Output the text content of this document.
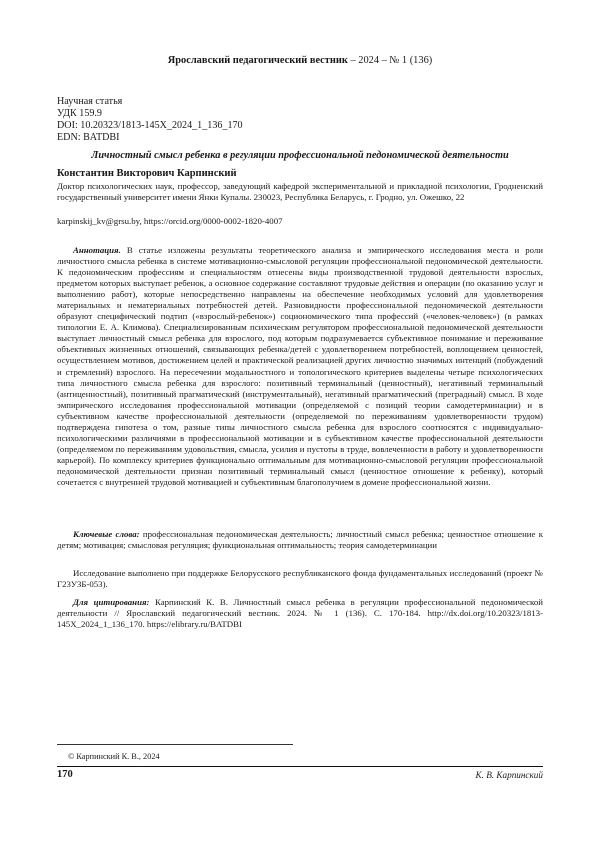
Ярославский педагогический вестник – 2024 – № 1 (136)
Научная статья
УДК 159.9
DOI: 10.20323/1813-145X_2024_1_136_170
EDN: BATDBI
Личностный смысл ребенка в регуляции профессиональной педономической деятельности
Константин Викторович Карпинский
Доктор психологических наук, профессор, заведующий кафедрой экспериментальной и прикладной психологии, Гродненский государственный университет имени Янки Купалы. 230023, Республика Беларусь, г. Гродно, ул. Ожешко, 22
karpinskij_kv@grsu.by, https://orcid.org/0000-0002-1820-4007

Аннотация. В статье изложены результаты теоретического анализа и эмпирического исследования места и роли личностного смысла ребенка в системе мотивационно-смысловой регуляции профессиональной педономической деятельности. К педономическим профессиям и специальностям отнесены виды производственной трудовой деятельности взрослых, предметом которых выступает ребенок, а основное содержание составляют трудовые действия и операции (по оказанию услуг и выполнению работ), которые непосредственно направлены на обеспечение необходимых условий для удовлетворения материальных и нематериальных потребностей детей. Разновидности профессиональной педономической деятельности образуют специфический подтип («взрослый-ребенок») социономического типа профессий («человек-человек») (в рамках типологии Е. А. Климова). Специализированным психическим регулятором профессиональной педономической деятельности выступает личностный смысл ребенка для взрослого, под которым подразумевается субъективное понимание и переживание объективных жизненных отношений, связывающих ребенка/детей с удовлетворением потребностей, воплощением ценностей, осуществлением мотивов, достижением целей и практической реализацией других личностно значимых интенций (побуждений и стремлений) взрослого. На пересечении модальностного и топологического критериев выделены четыре психологических типа личностного смысла ребенка для взрослого: позитивный терминальный (ценностный), негативный терминальный (антиценностный), позитивный прагматический (инструментальный), негативный прагматический (преградный) смысл. В ходе эмпирического исследования профессиональной мотивации (определяемой с позиций теории самодетерминации) и в субъективном качестве профессиональной деятельности (определяемой по переживаниям удовлетворенности трудом) подтверждена гипотеза о том, разные типы личностного смысла ребенка для взрослого соотносятся с индивидуально-психологическими различиями в профессиональной мотивации и в субъективном качестве профессиональной деятельности (определяемом по переживаниям удовольствия, смысла, усилия и пустоты в труде, вовлеченности в работу и удовлетворенности карьерой). По комплексу критериев функционально оптимальным для мотивационно-смысловой регуляции профессиональной педономической деятельности признан позитивный терминальный смысл (ценностное отношение к ребенку), который сочетается с внутренней трудовой мотивацией и субъективным благополучием в домене профессиональной жизни.

Ключевые слова: профессиональная педономическая деятельность; личностный смысл ребенка; ценностное отношение к детям; мотивация; смысловая регуляция; функциональная оптимальность; теория самодетерминации

Исследование выполнено при поддержке Белорусского республиканского фонда фундаментальных исследований (проект № Г23УЗБ-053).

Для цитирования: Карпинский К. В. Личностный смысл ребенка в регуляции профессиональной педономической деятельности // Ярославский педагогический вестник. 2024. № 1 (136). С. 170-184. http://dx.doi.org/10.20323/1813-145X_2024_1_136_170. https://elibrary.ru/BATDBI

© Карпинский К. В., 2024
170	К. В. Карпинский
